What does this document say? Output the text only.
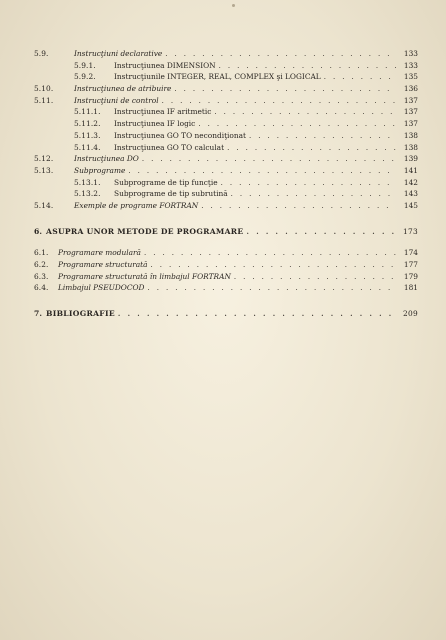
5.9.	Instrucţiuni declarative . . .	133
5.9.1.	Instrucţiunea DIMENSION . . .	133
5.9.2.	Instrucţiunile INTEGER, REAL, COMPLEX şi LOGICAL . . .	135
5.10.	Instrucţiunea de atribuire . . .	136
5.11.	Instrucţiuni de control . . .	137
5.11.1.	Instrucţiunea IF aritmetic . . .	137
5.11.2.	Instrucţiunea IF logic . . .	137
5.11.3.	Instrucţiunea GO TO necondiţionat . . .	138
5.11.4.	Instrucţiunea GO TO calculat . . .	138
5.12.	Instrucţiunea DO . . .	139
5.13.	Subprograme . . .	141
5.13.1.	Subprograme de tip funcţie . . .	142
5.13.2.	Subprograme de tip subrutină . . .	143
5.14.	Exemple de programe FORTRAN . . .	145
6. ASUPRA UNOR METODE DE PROGRAMARE . . .	173
6.1.	Programare modulară . . .	174
6.2.	Programare structurată . . .	177
6.3.	Programare structurată în limbajul FORTRAN . . .	179
6.4.	Limbajul PSEUDOCOD . . .	181
7. BIBLIOGRAFIE . . .	209
